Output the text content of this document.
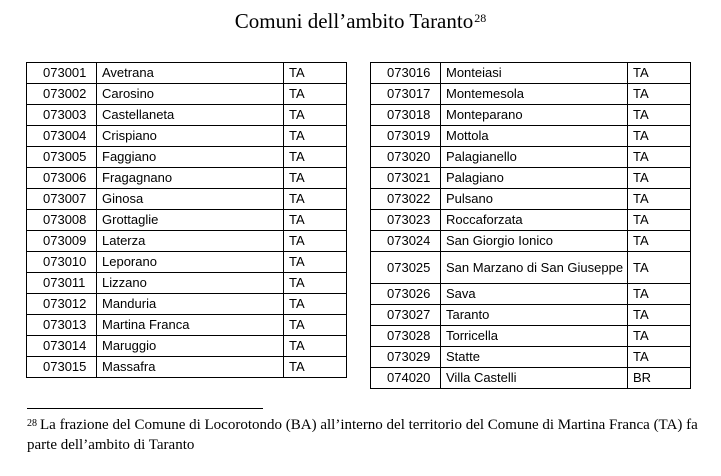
Comuni dell’ambito Taranto$^{28}$
073001	Avetrana	TA
073002	Carosino	TA
073003	Castellaneta	TA
073004	Crispiano	TA
073005	Faggiano	TA
073006	Fragagnano	TA
073007	Ginosa	TA
073008	Grottaglie	TA
073009	Laterza	TA
073010	Leporano	TA
073011	Lizzano	TA
073012	Manduria	TA
073013	Martina Franca	TA
073014	Maruggio	TA
073015	Massafra	TA
073016	Monteiasi	TA
073017	Montemesola	TA
073018	Monteparano	TA
073019	Mottola	TA
073020	Palagianello	TA
073021	Palagiano	TA
073022	Pulsano	TA
073023	Roccaforzata	TA
073024	San Giorgio Ionico	TA
073025	San Marzano di San Giuseppe	TA
073026	Sava	TA
073027	Taranto	TA
073028	Torricella	TA
073029	Statte	TA
074020	Villa Castelli	BR
$^{28}$ La frazione del Comune di Locorotondo (BA) all’interno del territorio del Comune di Martina Franca (TA) fa parte dell’ambito di Taranto
